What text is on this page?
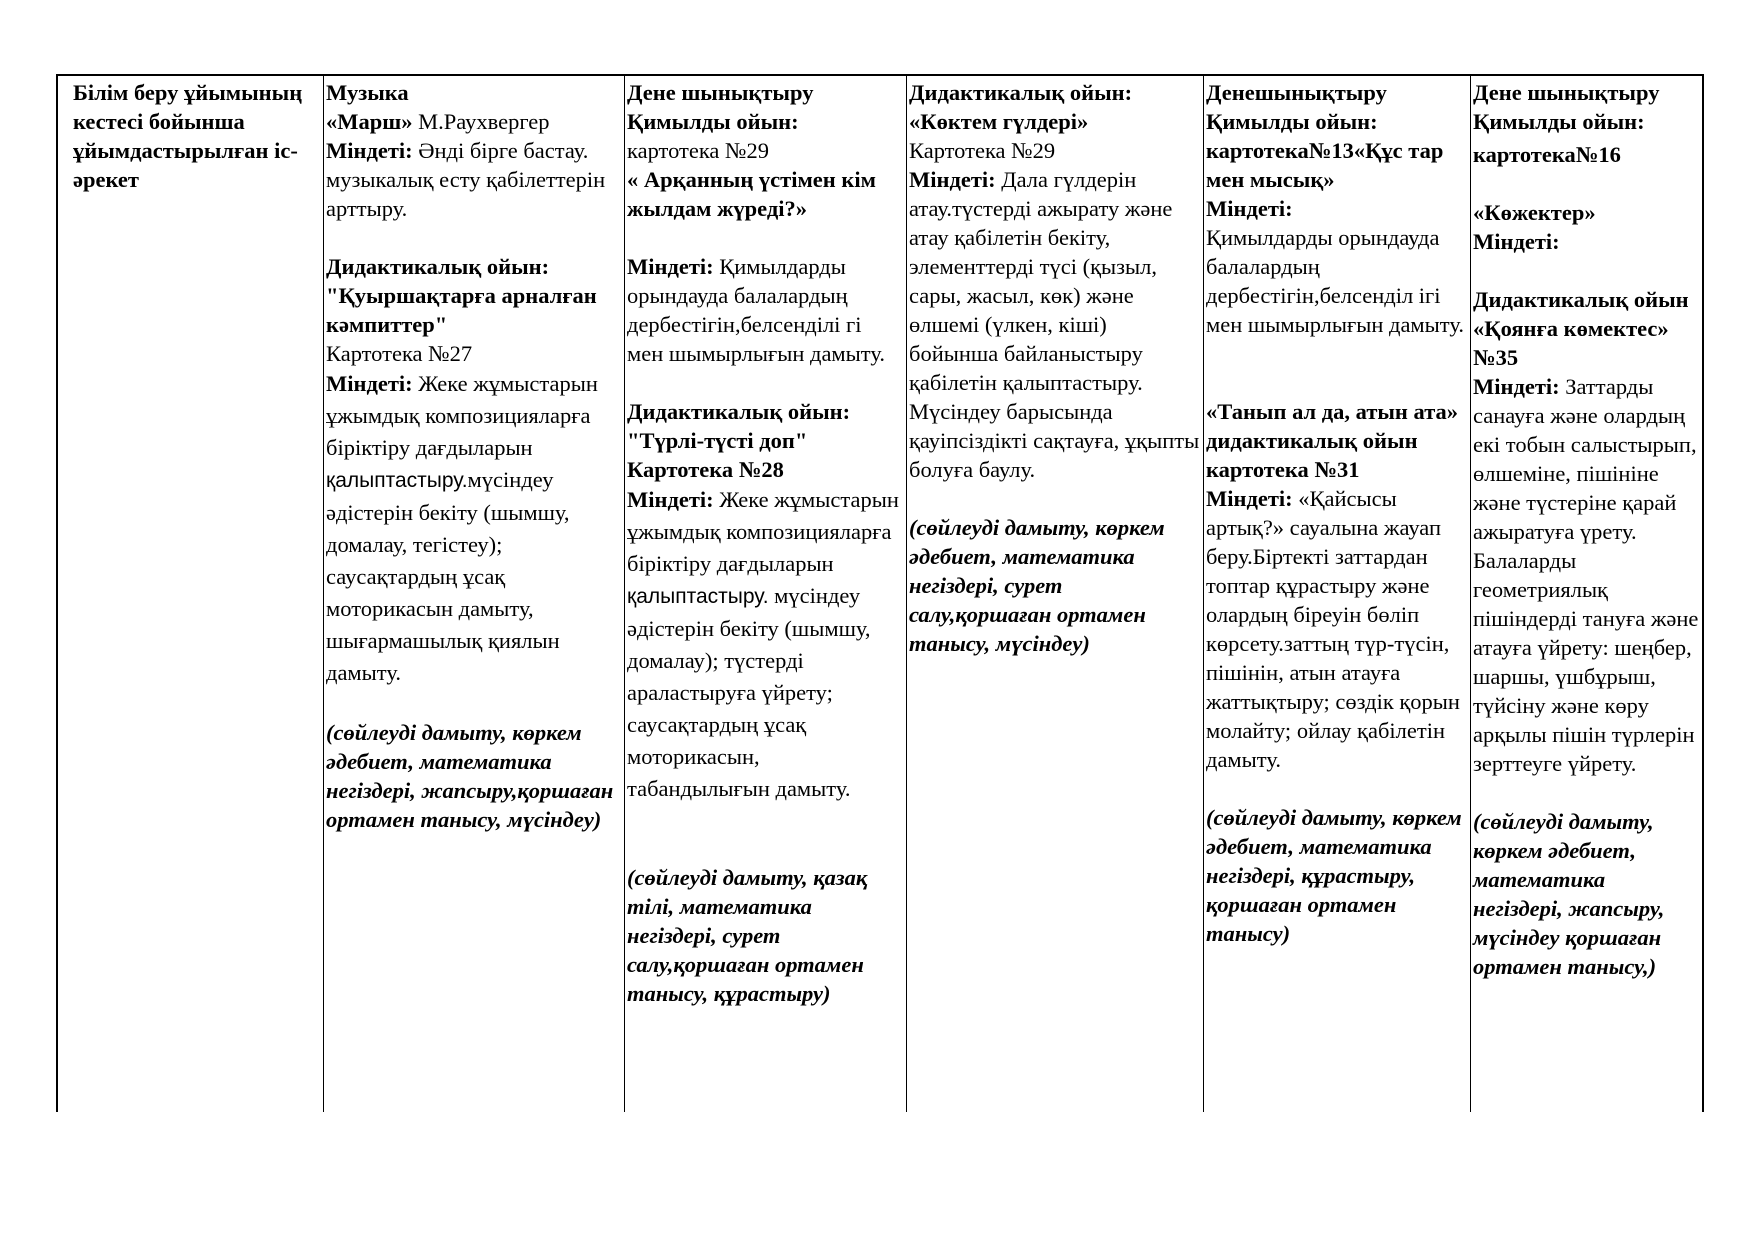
Білім беру ұйымының кестесі бойынша ұйымдастырылған іс-әрекет

Музыка

«Марш» М.Раухвергер

Міндеті: Әнді бірге бастау. музыкалық есту қабілеттерін арттыру.

Дидактикалық ойын: "Қуыршақтарға арналған кәмпиттер"

Картотека №27

Міндеті: Жеке жұмыстарын ұжымдық композицияларға біріктіру дағдыларын қалыптастыру.мүсіндеу әдістерін бекіту (шымшу, домалау, тегістеу); саусақтардың ұсақ моторикасын дамыту, шығармашылық қиялын дамыту.

(сөйлеуді дамыту, көркем әдебиет, математика негіздері, жапсыру,қоршаған ортамен танысу, мүсіндеу)

Дене шынықтыру

Қимылды ойын:

картотека №29

« Арқанның үстімен кім жылдам жүреді?»

Міндеті: Қимылдарды орындауда балалардың дербестігін,белсенділі гі мен шымырлығын дамыту.

Дидактикалық ойын: "Түрлі-түсті доп" Картотека №28

Міндеті: Жеке жұмыстарын ұжымдық композицияларға біріктіру дағдыларын қалыптастыру. мүсіндеу әдістерін бекіту (шымшу, домалау); түстерді араластыруға үйрету; саусақтардың ұсақ моторикасын, табандылығын дамыту.

(сөйлеуді дамыту, қазақ тілі, математика негіздері, сурет салу,қоршаған ортамен танысу, құрастыру)

Дидактикалық ойын: «Көктем гүлдері»

Картотека №29

Міндеті: Дала гүлдерін атау.түстерді ажырату және атау қабілетін бекіту, элементтерді түсі (қызыл, сары, жасыл, көк) және өлшемі (үлкен, кіші) бойынша байланыстыру қабілетін қалыптастыру. Мүсіндеу барысында қауіпсіздікті сақтауға, ұқыпты болуға баулу.

(сөйлеуді дамыту, көркем әдебиет, математика негіздері, сурет салу,қоршаған ортамен танысу, мүсіндеу)

Денешынықтыру Қимылды ойын: картотека№13«Құс тар мен мысық»

Міндеті:

Қимылдарды орындауда балалардың дербестігін,белсенділ ігі мен шымырлығын дамыту.

«Танып ал да, атын ата» дидактикалық ойын картотека №31

Міндеті: «Қайсысы артық?» сауалына жауап беру.Біртекті заттардан топтар құрастыру және олардың біреуін бөліп көрсету.заттың түр-түсін, пішінін, атын атауға жаттықтыру; сөздік қорын молайту; ойлау қабілетін дамыту.

(сөйлеуді дамыту, көркем әдебиет, математика негіздері, құрастыру, қоршаған ортамен танысу)

Дене шынықтыру

Қимылды ойын:

картотека№16

«Көжектер»

Міндеті:

Дидактикалық ойын «Қоянға көмектес» №35

Міндеті: Заттарды санауға және олардың екі тобын салыстырып, өлшеміне, пішініне және түстеріне қарай ажыратуға үрету. Балаларды геометриялық пішіндерді тануға және атауға үйрету: шеңбер, шаршы, үшбұрыш, түйсіну және көру арқылы пішін түрлерін зерттеуге үйрету.

(сөйлеуді дамыту, көркем әдебиет, математика негіздері, жапсыру, мүсіндеу қоршаған ортамен танысу,)
